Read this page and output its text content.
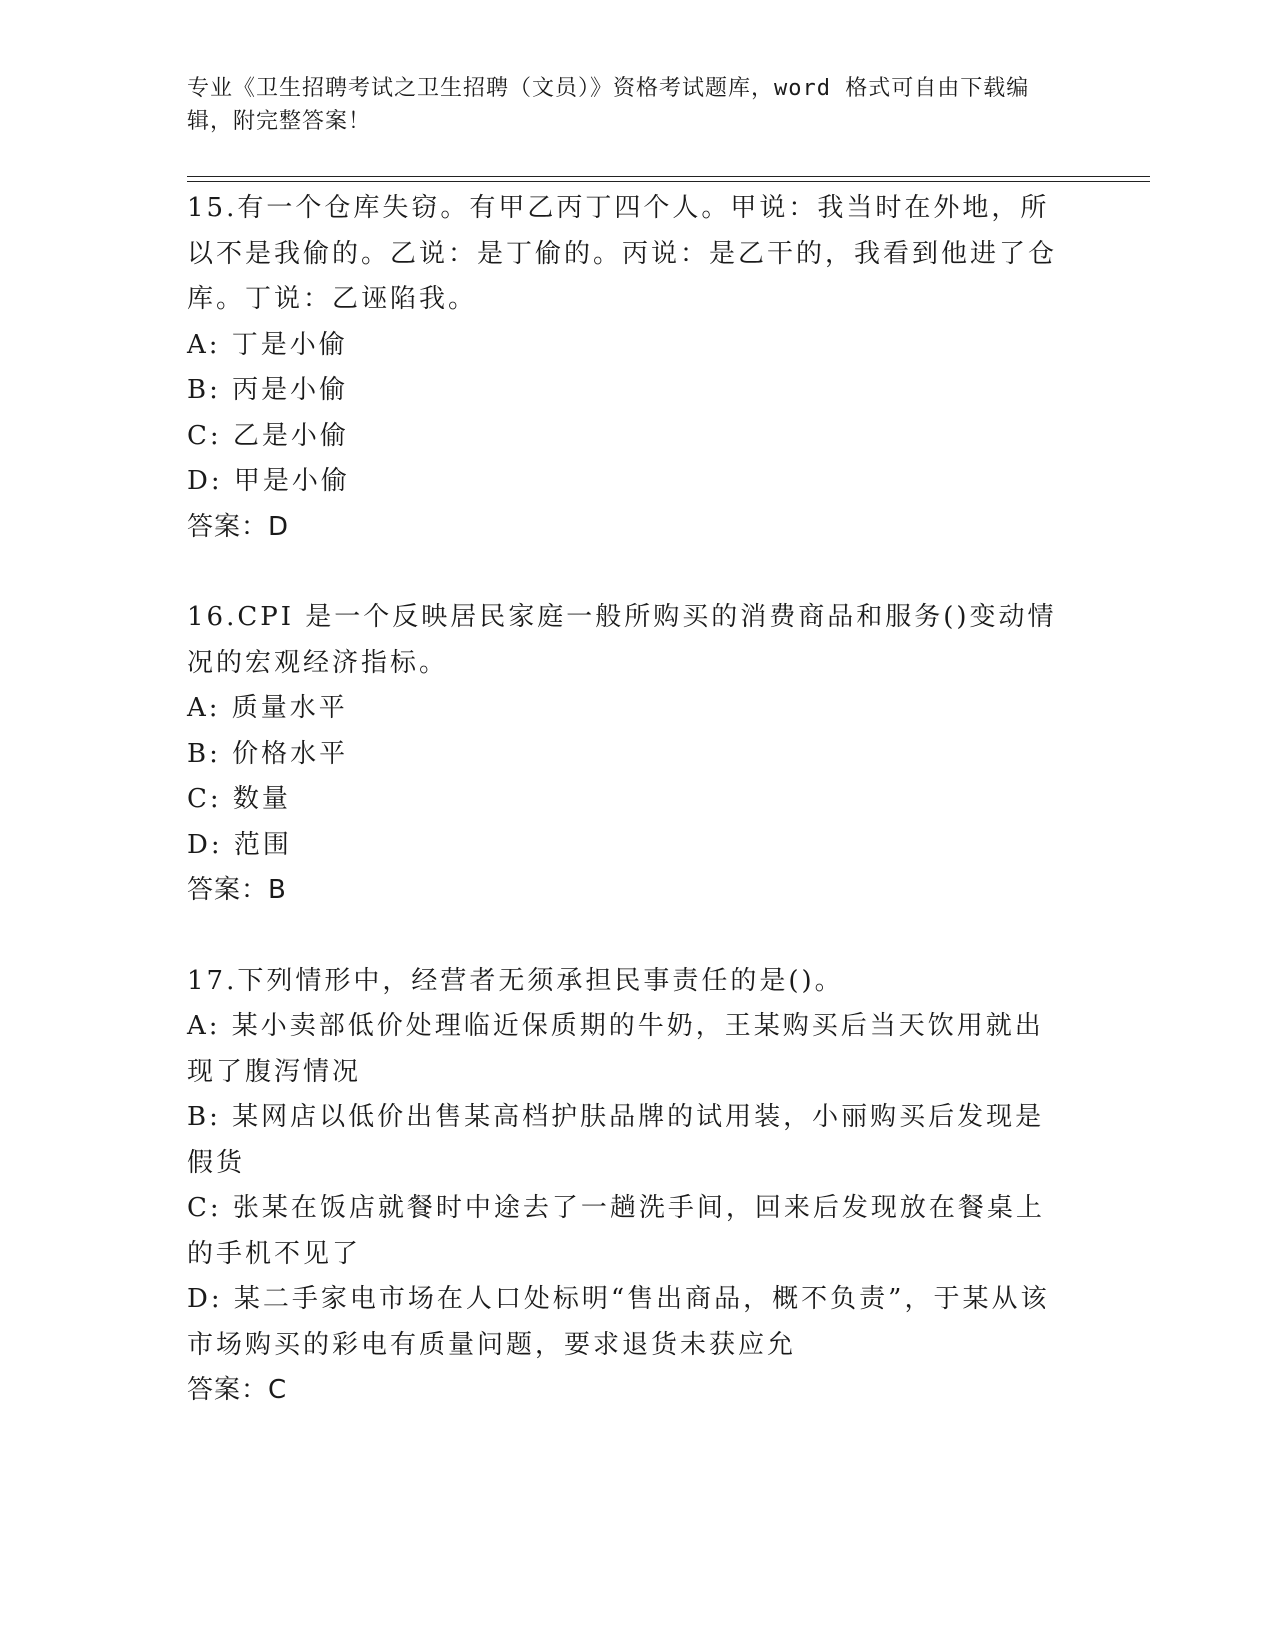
专业《卫生招聘考试之卫生招聘（文员）》资格考试题库，word 格式可自由下载编辑，附完整答案！
15.有一个仓库失窃。有甲乙丙丁四个人。甲说：我当时在外地，所以不是我偷的。乙说：是丁偷的。丙说：是乙干的，我看到他进了仓库。丁说：乙诬陷我。
A: 丁是小偷
B: 丙是小偷
C: 乙是小偷
D: 甲是小偷
答案：D
16.CPI 是一个反映居民家庭一般所购买的消费商品和服务()变动情况的宏观经济指标。
A: 质量水平
B: 价格水平
C: 数量
D: 范围
答案：B
17.下列情形中，经营者无须承担民事责任的是()。
A: 某小卖部低价处理临近保质期的牛奶，王某购买后当天饮用就出现了腹泻情况
B: 某网店以低价出售某高档护肤品牌的试用装，小丽购买后发现是假货
C: 张某在饭店就餐时中途去了一趟洗手间，回来后发现放在餐桌上的手机不见了
D: 某二手家电市场在人口处标明“售出商品，概不负责”，于某从该市场购买的彩电有质量问题，要求退货未获应允
答案：C
